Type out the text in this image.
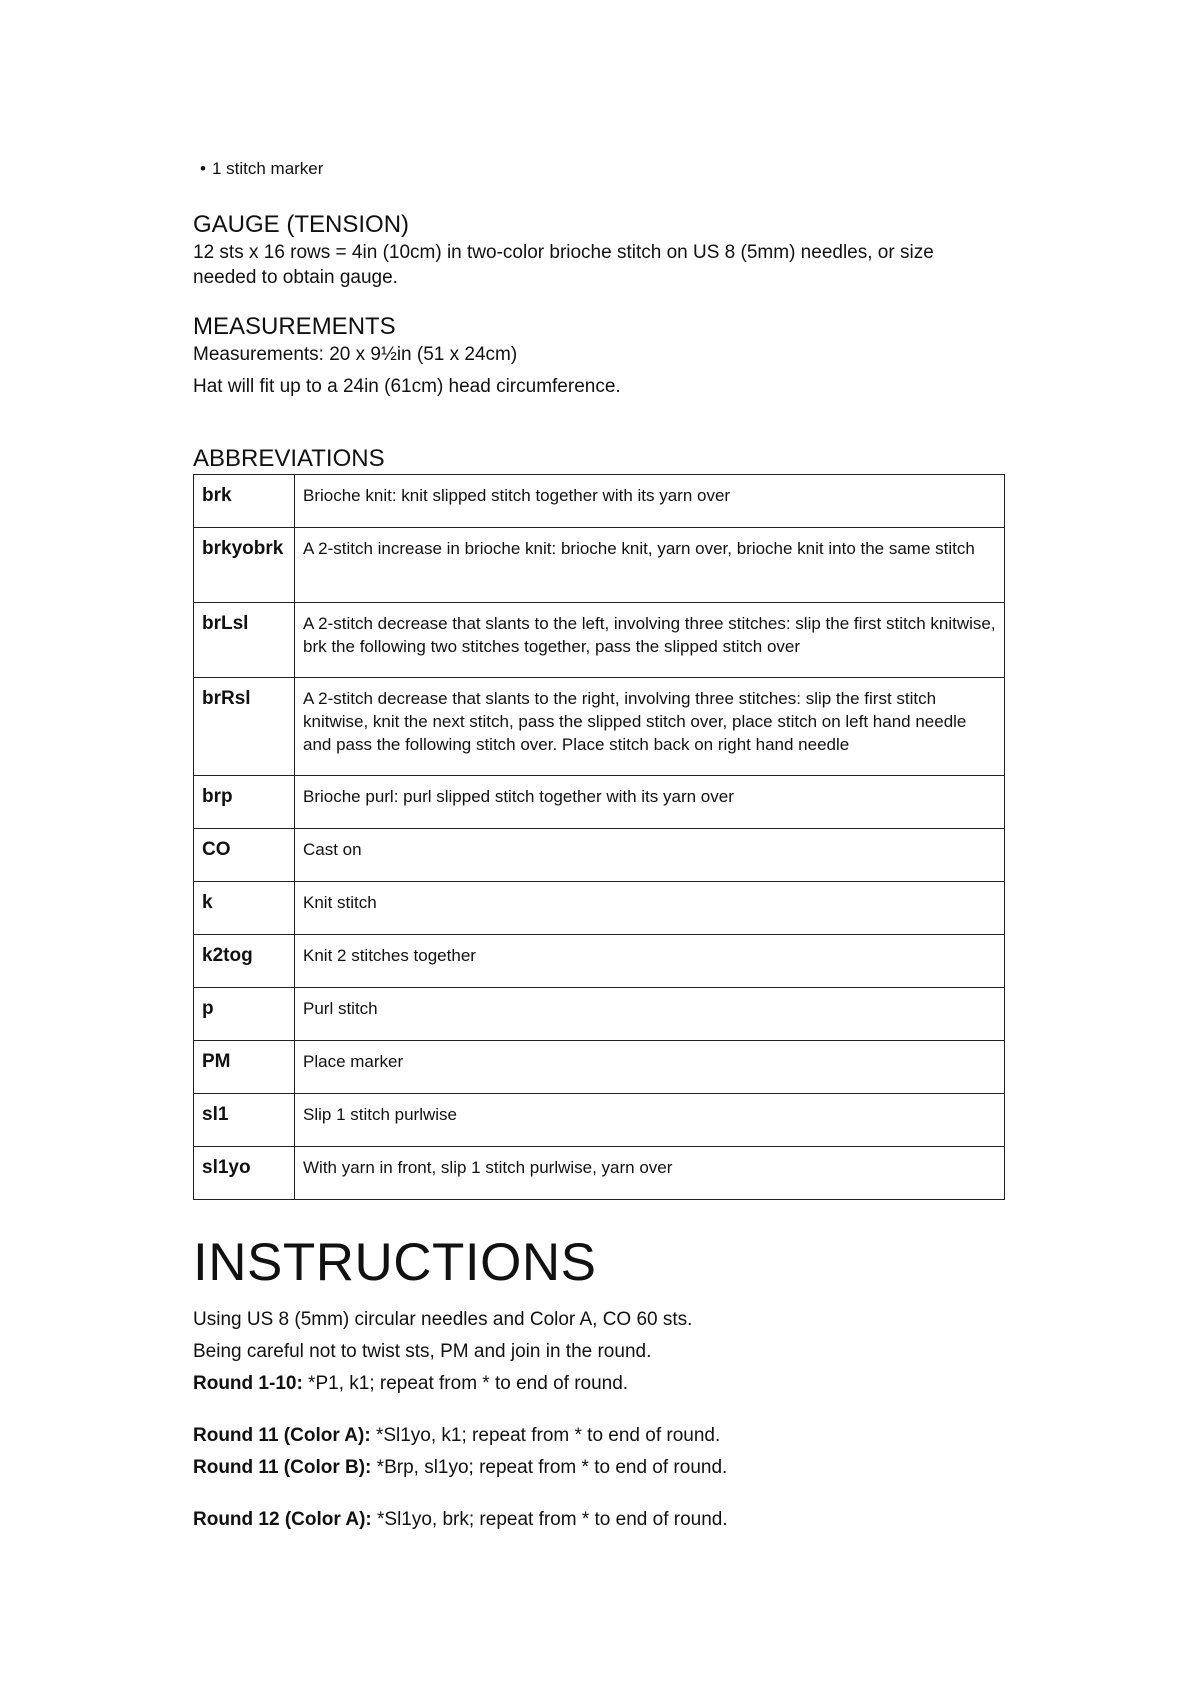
• 1 stitch marker
GAUGE (TENSION)
12 sts x 16 rows = 4in (10cm) in two-color brioche stitch on US 8 (5mm) needles, or size needed to obtain gauge.
MEASUREMENTS
Measurements: 20 x 9½in (51 x 24cm)
Hat will fit up to a 24in (61cm) head circumference.
ABBREVIATIONS
brk	Brioche knit: knit slipped stitch together with its yarn over
brkyobrk	A 2-stitch increase in brioche knit: brioche knit, yarn over, brioche knit into the same stitch
brLsl	A 2-stitch decrease that slants to the left, involving three stitches: slip the first stitch knitwise, brk the following two stitches together, pass the slipped stitch over
brRsl	A 2-stitch decrease that slants to the right, involving three stitches: slip the first stitch knitwise, knit the next stitch, pass the slipped stitch over, place stitch on left hand needle and pass the following stitch over. Place stitch back on right hand needle
brp	Brioche purl: purl slipped stitch together with its yarn over
CO	Cast on
k	Knit stitch
k2tog	Knit 2 stitches together
p	Purl stitch
PM	Place marker
sl1	Slip 1 stitch purlwise
sl1yo	With yarn in front, slip 1 stitch purlwise, yarn over
INSTRUCTIONS
Using US 8 (5mm) circular needles and Color A, CO 60 sts.
Being careful not to twist sts, PM and join in the round.
Round 1-10: *P1, k1; repeat from * to end of round.
Round 11 (Color A): *Sl1yo, k1; repeat from * to end of round.
Round 11 (Color B): *Brp, sl1yo; repeat from * to end of round.
Round 12 (Color A): *Sl1yo, brk; repeat from * to end of round.
